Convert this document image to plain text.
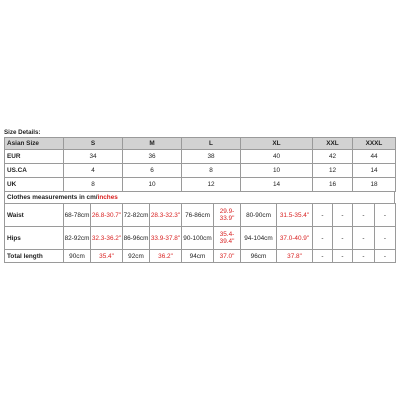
Size Details:
Asian Size	S	M	L	XL	XXL	XXXL
EUR	34	36	38	40	42	44
US.CA	4	6	8	10	12	14
UK	8	10	12	14	16	18
Clothes measurements in cm/inches
Waist	68-78cm	26.8-30.7"	72-82cm	28.3-32.3"	76-86cm	29.9-33.9"	80-90cm	31.5-35.4"	-	-	-	-
Hips	82-92cm	32.3-36.2"	86-96cm	33.9-37.8"	90-100cm	35.4-39.4"	94-104cm	37.0-40.9"	-	-	-	-
Total length	90cm	35.4"	92cm	36.2"	94cm	37.0"	96cm	37.8"	-	-	-	-
